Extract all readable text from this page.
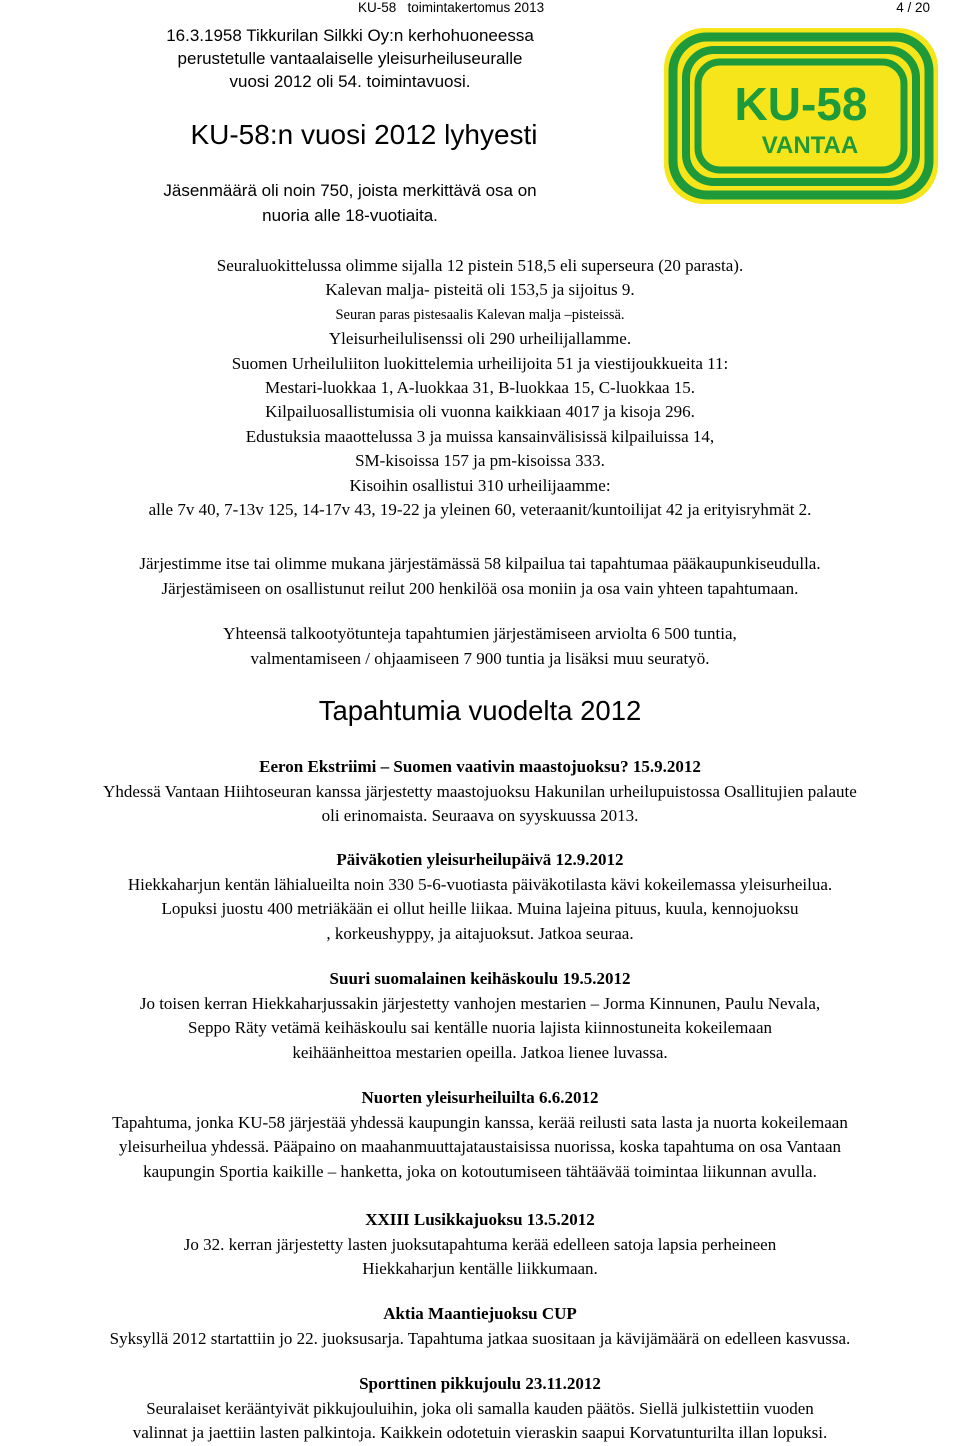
KU-58   toimintakertomus 2013	4 / 20
16.3.1958 Tikkurilan Silkki Oy:n kerhohuoneessa
perustetulle vantaalaiselle yleisurheiluseuralle
vuosi 2012 oli 54. toimintavuosi.	KU-58
VANTAA
KU-58:n vuosi 2012 lyhyesti
Jäsenmäärä oli noin 750, joista merkittävä osa on
nuoria alle 18-vuotiaita.
Seuraluokittelussa olimme sijalla 12 pistein 518,5 eli superseura (20 parasta).
Kalevan malja- pisteitä oli 153,5 ja sijoitus 9.
Seuran paras pistesaalis Kalevan malja –pisteissä.
Yleisurheilulisenssi oli 290 urheilijallamme.
Suomen Urheiluliiton luokittelemia urheilijoita 51 ja viestijoukkueita 11:
Mestari-luokkaa 1, A-luokkaa 31, B-luokkaa 15, C-luokkaa 15.
Kilpailuosallistumisia oli vuonna kaikkiaan 4017 ja kisoja 296.
Edustuksia maaottelussa 3 ja muissa kansainvälisissä kilpailuissa 14,
SM-kisoissa 157 ja pm-kisoissa 333.
Kisoihin osallistui 310 urheilijaamme:
alle 7v 40, 7-13v 125, 14-17v 43, 19-22 ja yleinen 60, veteraanit/kuntoilijat 42 ja erityisryhmät 2.
Järjestimme itse tai olimme mukana järjestämässä 58 kilpailua tai tapahtumaa pääkaupunkiseudulla.
Järjestämiseen on osallistunut reilut 200 henkilöä osa moniin ja osa vain yhteen tapahtumaan.
Yhteensä talkootyötunteja tapahtumien järjestämiseen arviolta 6 500 tuntia,
valmentamiseen / ohjaamiseen 7 900 tuntia ja lisäksi muu seuratyö.
Tapahtumia vuodelta 2012
Eeron Ekstriimi – Suomen vaativin maastojuoksu? 15.9.2012
Yhdessä Vantaan Hiihtoseuran kanssa järjestetty maastojuoksu Hakunilan urheilupuistossa Osallitujien palaute
oli erinomaista. Seuraava on syyskuussa 2013.
Päiväkotien yleisurheilupäivä 12.9.2012
Hiekkaharjun kentän lähialueilta noin 330 5-6-vuotiasta päiväkotilasta kävi kokeilemassa yleisurheilua.
Lopuksi juostu 400 metriäkään ei ollut heille liikaa. Muina lajeina pituus, kuula, kennojuoksu
, korkeushyppy, ja aitajuoksut. Jatkoa seuraa.
Suuri suomalainen keihäskoulu 19.5.2012
Jo toisen kerran Hiekkaharjussakin järjestetty vanhojen mestarien – Jorma Kinnunen, Paulu Nevala,
Seppo Räty vetämä keihäskoulu sai kentälle nuoria lajista kiinnostuneita kokeilemaan
keihäänheittoa mestarien opeilla. Jatkoa lienee luvassa.
Nuorten yleisurheiluilta 6.6.2012
Tapahtuma, jonka KU-58 järjestää yhdessä kaupungin kanssa, kerää reilusti sata lasta ja nuorta kokeilemaan
yleisurheilua yhdessä. Pääpaino on maahanmuuttajataustaisissa nuorissa, koska tapahtuma on osa Vantaan
kaupungin Sportia kaikille – hanketta, joka on kotoutumiseen tähtäävää toimintaa liikunnan avulla.
XXIII Lusikkajuoksu 13.5.2012
Jo 32. kerran järjestetty lasten juoksutapahtuma kerää edelleen satoja lapsia perheineen
Hiekkaharjun kentälle liikkumaan.
Aktia Maantiejuoksu CUP
Syksyllä 2012 startattiin jo 22. juoksusarja. Tapahtuma jatkaa suositaan ja kävijämäärä on edelleen kasvussa.
Sporttinen pikkujoulu 23.11.2012
Seuralaiset kerääntyivät pikkujouluihin, joka oli samalla kauden päätös. Siellä julkistettiin vuoden
valinnat ja jaettiin lasten palkintoja. Kaikkein odotetuin vieraskin saapui Korvatunturilta illan lopuksi.
